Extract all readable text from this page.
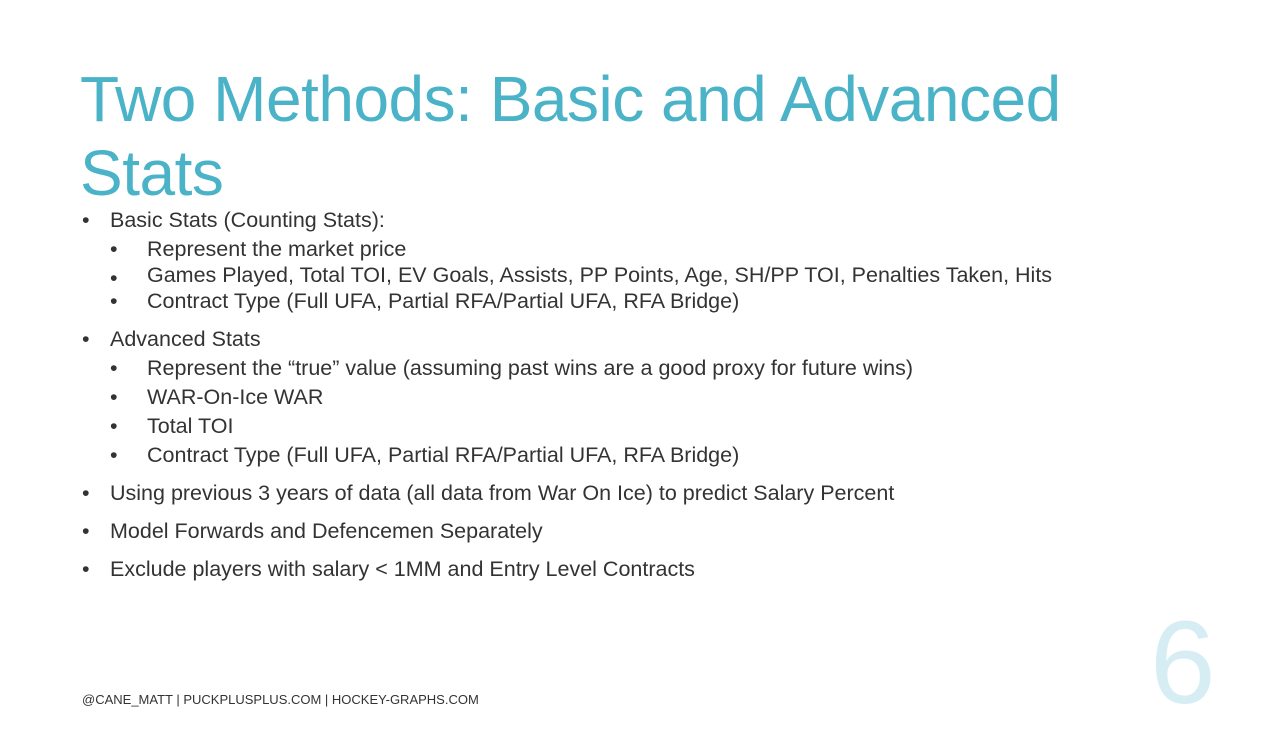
Two Methods: Basic and Advanced Stats
• Basic Stats (Counting Stats):
• Represent the market price
• Games Played, Total TOI, EV Goals, Assists, PP Points, Age, SH/PP TOI, Penalties Taken, Hits
• Contract Type (Full UFA, Partial RFA/Partial UFA, RFA Bridge)
• Advanced Stats
• Represent the “true” value (assuming past wins are a good proxy for future wins)
• WAR-On-Ice WAR
• Total TOI
• Contract Type (Full UFA, Partial RFA/Partial UFA, RFA Bridge)
• Using previous 3 years of data (all data from War On Ice) to predict Salary Percent
• Model Forwards and Defencemen Separately
• Exclude players with salary < 1MM and Entry Level Contracts
@CANE_MATT | PUCKPLUSPLUS.COM | HOCKEY-GRAPHS.COM	6
